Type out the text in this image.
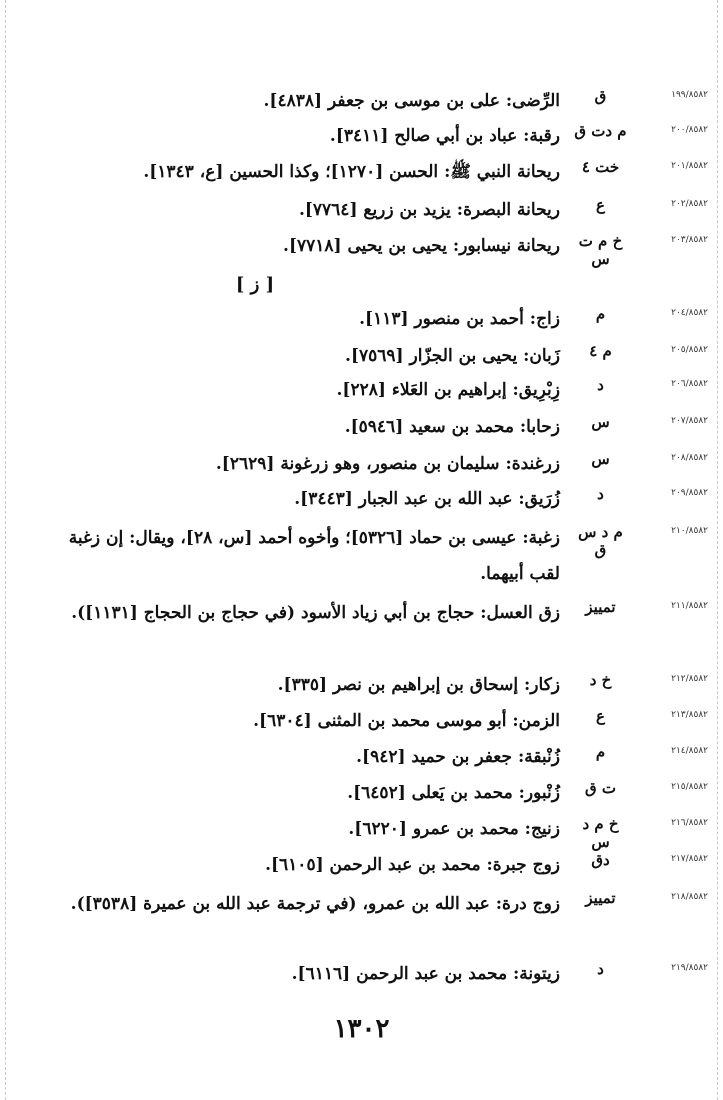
١٩٩/٨٥٨٢
ق
الرِّضى: على بن موسى بن جعفر [٤٨٣٨].
٢٠٠/٨٥٨٢
م دت ق
رقبة: عباد بن أبي صالح [٣٤١١].
٢٠١/٨٥٨٢
خت ٤
ريحانة النبي ﷺ: الحسن [١٢٧٠]؛ وكذا الحسين [ع، ١٣٤٣].
٢٠٢/٨٥٨٢
ع
ريحانة البصرة: يزيد بن زريع [٧٧٦٤].
٢٠٣/٨٥٨٢
خ م ت س
ريحانة نيسابور: يحيى بن يحيى [٧٧١٨].
[ ز ]
٢٠٤/٨٥٨٢
م
زاج: أحمد بن منصور [١١٣].
٢٠٥/٨٥٨٢
م ٤
زَبان: يحيى بن الجزّار [٧٥٦٩].
٢٠٦/٨٥٨٢
د
زِبْرِيق: إبراهيم بن العَلاء [٢٢٨].
٢٠٧/٨٥٨٢
س
زحابا: محمد بن سعيد [٥٩٤٦].
٢٠٨/٨٥٨٢
س
زرغندة: سليمان بن منصور، وهو زرغونة [٢٦٢٩].
٢٠٩/٨٥٨٢
د
زُرَيق: عبد الله بن عبد الجبار [٣٤٤٣].
٢١٠/٨٥٨٢
م د س ق
زغبة: عيسى بن حماد [٥٣٢٦]؛ وأخوه أحمد [س، ٢٨]، ويقال: إن زغبة لقب أبيهما.
٢١١/٨٥٨٢
تمييز
زق العسل: حجاج بن أبي زياد الأسود (في حجاج بن الحجاج [١١٣١]).
٢١٢/٨٥٨٢
خ د
زكار: إسحاق بن إبراهيم بن نصر [٣٣٥].
٢١٣/٨٥٨٢
ع
الزمن: أبو موسى محمد بن المثنى [٦٣٠٤].
٢١٤/٨٥٨٢
م
زُنْبقة: جعفر بن حميد [٩٤٢].
٢١٥/٨٥٨٢
ت ق
زُنْبور: محمد بن يَعلى [٦٤٥٢].
٢١٦/٨٥٨٢
خ م د س
زنيج: محمد بن عمرو [٦٢٢٠].
٢١٧/٨٥٨٢
دق
زوج جبرة: محمد بن عبد الرحمن [٦١٠٥].
٢١٨/٨٥٨٢
تمييز
زوج درة: عبد الله بن عمرو، (في ترجمة عبد الله بن عميرة [٣٥٣٨]).
٢١٩/٨٥٨٢
د
زيتونة: محمد بن عبد الرحمن [٦١١٦].
١٣٠٢
